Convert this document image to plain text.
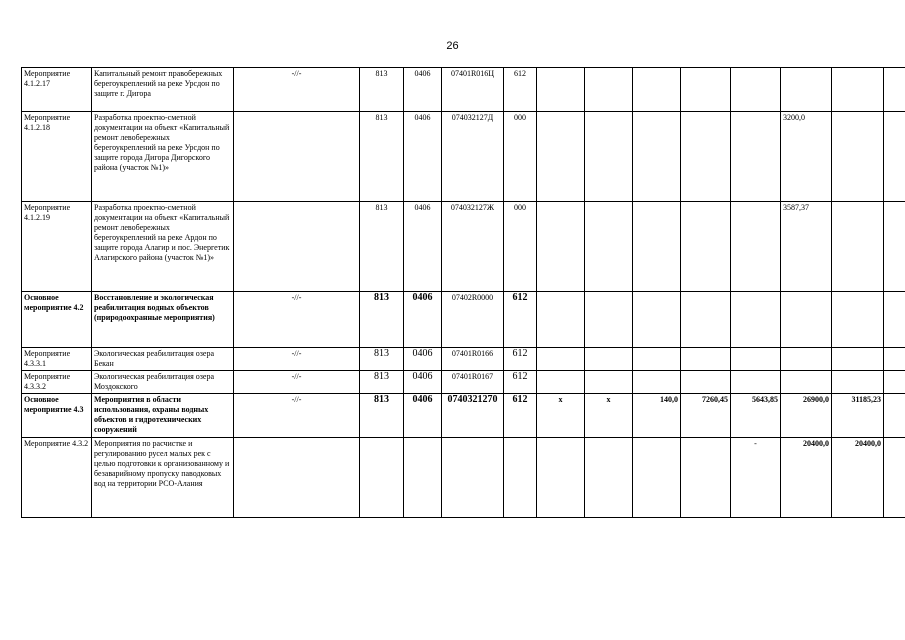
26
Мероприятие 4.1.2.17	Капитальный ремонт правобережных берегоукреплений на реке Урсдон по защите г. Дигора	-//-	813	0406	07401R016Ц	612								
Мероприятие 4.1.2.18	Разработка проектно-сметной документации на объект «Капитальный ремонт левобережных берегоукреплений на реке Урсдон по защите города Дигора Дигорского района (участок №1)»		813	0406	074032127Д	000						3200,0		
Мероприятие 4.1.2.19	Разработка проектно-сметной документации на объект «Капитальный ремонт левобережных берегоукреплений на реке Ардон по защите города Алагир и пос. Энергетик Алагирского района (участок №1)»		813	0406	074032127Ж	000						3587,37		
Основное мероприятие 4.2	Восстановление и экологическая реабилитация водных объектов (природоохранные мероприятия)	-//-	813	0406	07402R0000	612								
Мероприятие 4.3.3.1	Экологическая реабилитация озера Бекан	-//-	813	0406	07401R0166	612								
Мероприятие 4.3.3.2	Экологическая реабилитация озера Моздокского	-//-	813	0406	07401R0167	612								
Основное мероприятие 4.3	Мероприятия в области использования, охраны водных объектов и гидротехнических сооружений	-//-	813	0406	0740321270	612	x	x	140,0	7260,45	5643,85	26900,0	31185,23	
Мероприятие 4.3.2	Мероприятия по расчистке и регулированию русел малых рек с целью подготовки к организованному и безаварийному пропуску паводковых вод на территории РСО-Алания										-	20400,0	20400,0	
